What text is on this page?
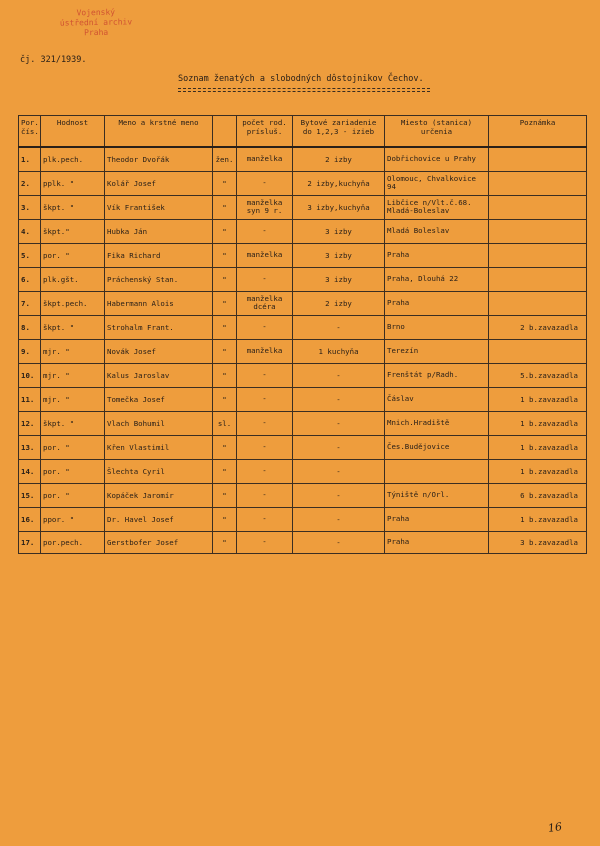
Vojenský
ústřední archiv Praha
čj. 321/1939.
Soznam ženatých a slobodných dôstojnikov Čechov.
Por. čís.	Hodnost	Meno a krstné meno		počet rod. prísluš.	Bytové zariadenie do 1,2,3 - izieb	Miesto (stanica) určenia	Poznámka
1.	plk.pech.	Theodor Dvořák	žen.	manželka	2 izby	Dobřichovice u Prahy	
2.	pplk. "	Kolář Josef	"	-	2 izby,kuchyňa	Olomouc, Chvalkovice 94	
3.	škpt. "	Vík František	"	manželka syn 9 r.	3 izby,kuchyňa	Libčice n/Vlt.č.68. Mladá-Boleslav	
4.	škpt."	Hubka Ján	"	-	3 izby	Mladá Boleslav	
5.	por. "	Fika Richard	"	manželka	3 izby	Praha	
6.	plk.gšt.	Práchenský Stan.	"	-	3 izby	Praha, Dlouhá 22	
7.	škpt.pech.	Habermann Alois	"	manželka dcéra	2 izby	Praha	
8.	škpt. "	Strohalm Frant.	"	-	-	Brno	2 b.zavazadla
9.	mjr. "	Novák Josef	"	manželka	1 kuchyňa	Terezín	
10.	mjr. "	Kalus Jaroslav	"	-	-	Frenštát p/Radh.	5.b.zavazadla
11.	mjr. "	Tomečka Josef	"	-	-	Čáslav	1 b.zavazadla
12.	škpt. "	Vlach Bohumil	sl.	-	-	Mnich.Hradiště	1 b.zavazadla
13.	por. "	Křen Vlastimil	"	-	-	Čes.Budějovice	1 b.zavazadla
14.	por. "	Šlechta Cyril	"	-	-		1 b.zavazadla
15.	por. "	Kopáček Jaromír	"	-	-	Týniště n/Orl.	6 b.zavazadla
16.	ppor. "	Dr. Havel Josef	"	-	-	Praha	1 b.zavazadla
17.	por.pech.	Gerstbofer Josef	"	-	-	Praha	3 b.zavazadla
16
